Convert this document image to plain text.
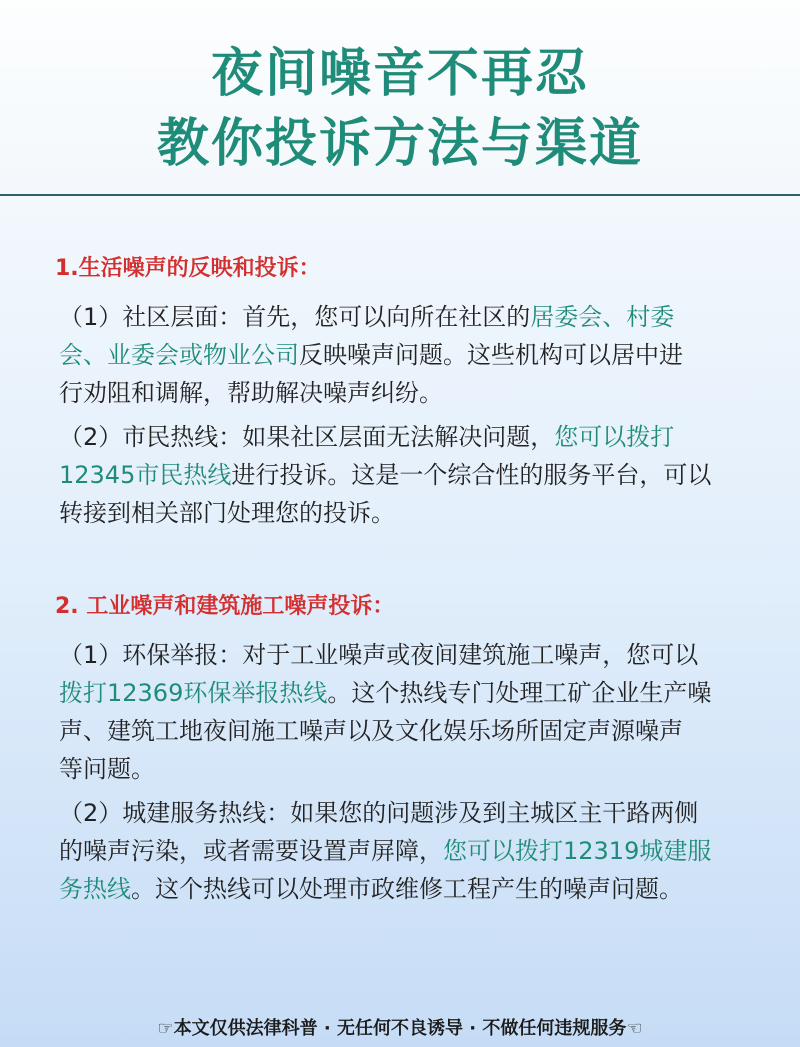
夜间噪音不再忍
教你投诉方法与渠道
1.生活噪声的反映和投诉：
（1）社区层面：首先，您可以向所在社区的居委会、村委
会、业委会或物业公司反映噪声问题。这些机构可以居中进
行劝阻和调解，帮助解决噪声纠纷。
（2）市民热线：如果社区层面无法解决问题，您可以拨打
12345市民热线进行投诉。这是一个综合性的服务平台，可以
转接到相关部门处理您的投诉。
2. 工业噪声和建筑施工噪声投诉：
（1）环保举报：对于工业噪声或夜间建筑施工噪声，您可以
拨打12369环保举报热线。这个热线专门处理工矿企业生产噪
声、建筑工地夜间施工噪声以及文化娱乐场所固定声源噪声
等问题。
（2）城建服务热线：如果您的问题涉及到主城区主干路两侧
的噪声污染，或者需要设置声屏障，您可以拨打12319城建服
务热线。这个热线可以处理市政维修工程产生的噪声问题。
☞本文仅供法律科普 · 无任何不良诱导 · 不做任何违规服务☜
